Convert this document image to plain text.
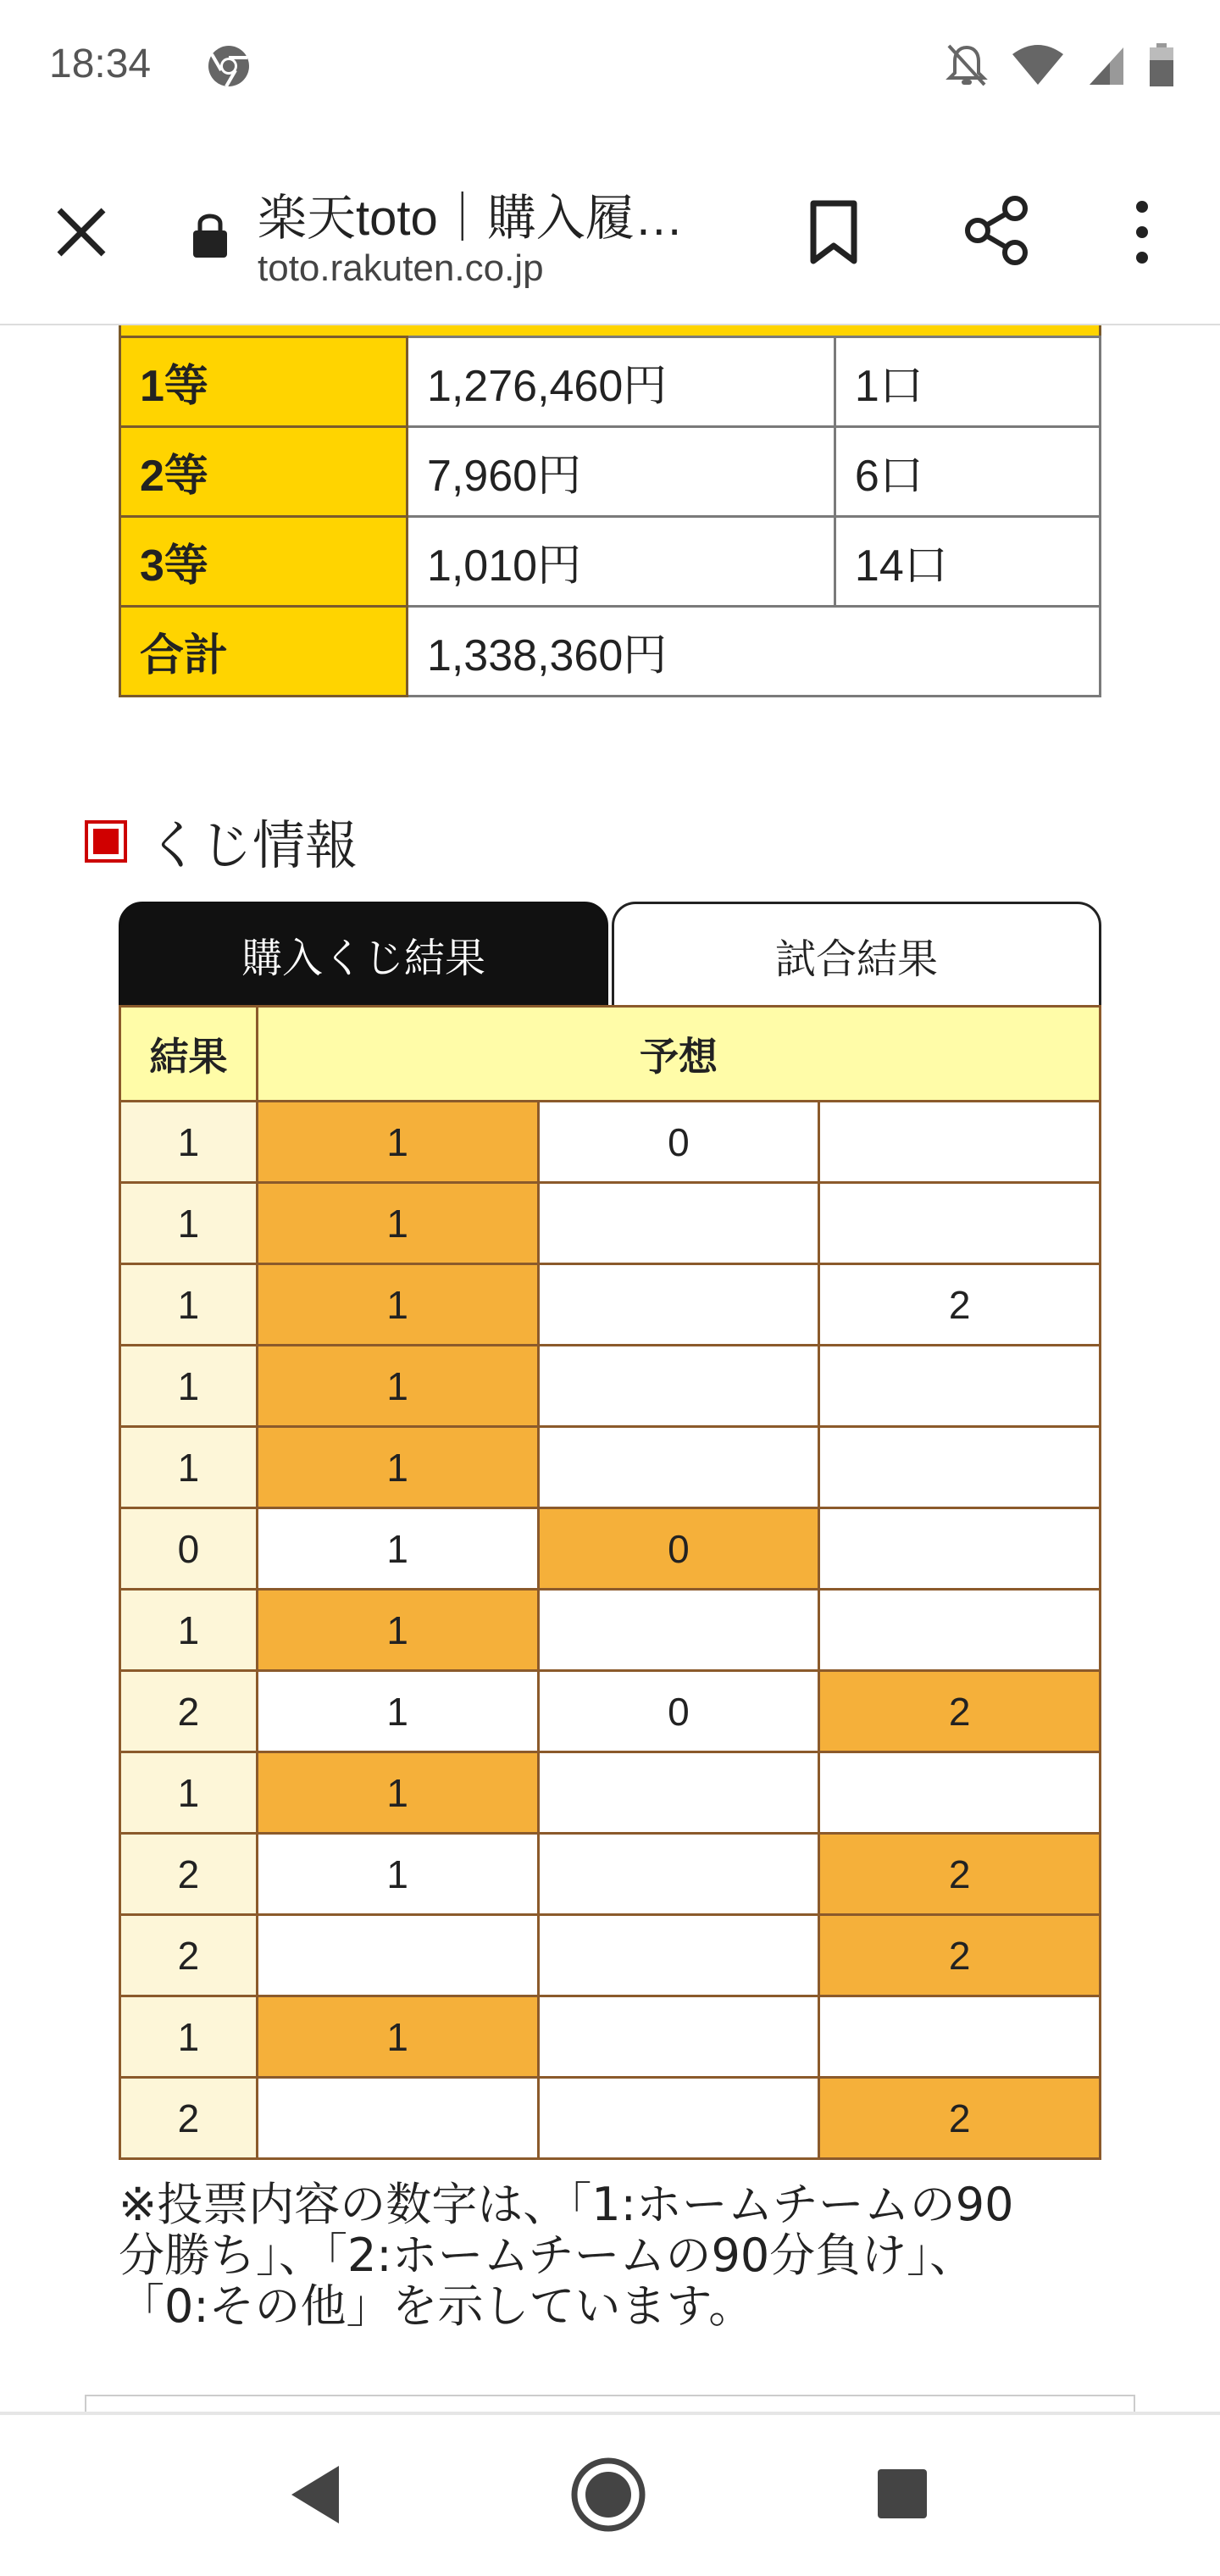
18:34
楽天toto｜購入履…
toto.rakuten.co.jp
1等	1,276,460円	1口
2等	7,960円	6口
3等	1,010円	14口
合計	1,338,360円	
くじ情報
購入くじ結果	試合結果
結果	予想		
1	1	0	
1	1		
1	1		2
1	1		
1	1		
0	1	0	
1	1		
2	1	0	2
1	1		
2	1		2
2			2
1	1		
2			2
※投票内容の数字は、「1:ホームチームの90
分勝ち」、「2:ホームチームの90分負け」、
「0:その他」を示しています。
